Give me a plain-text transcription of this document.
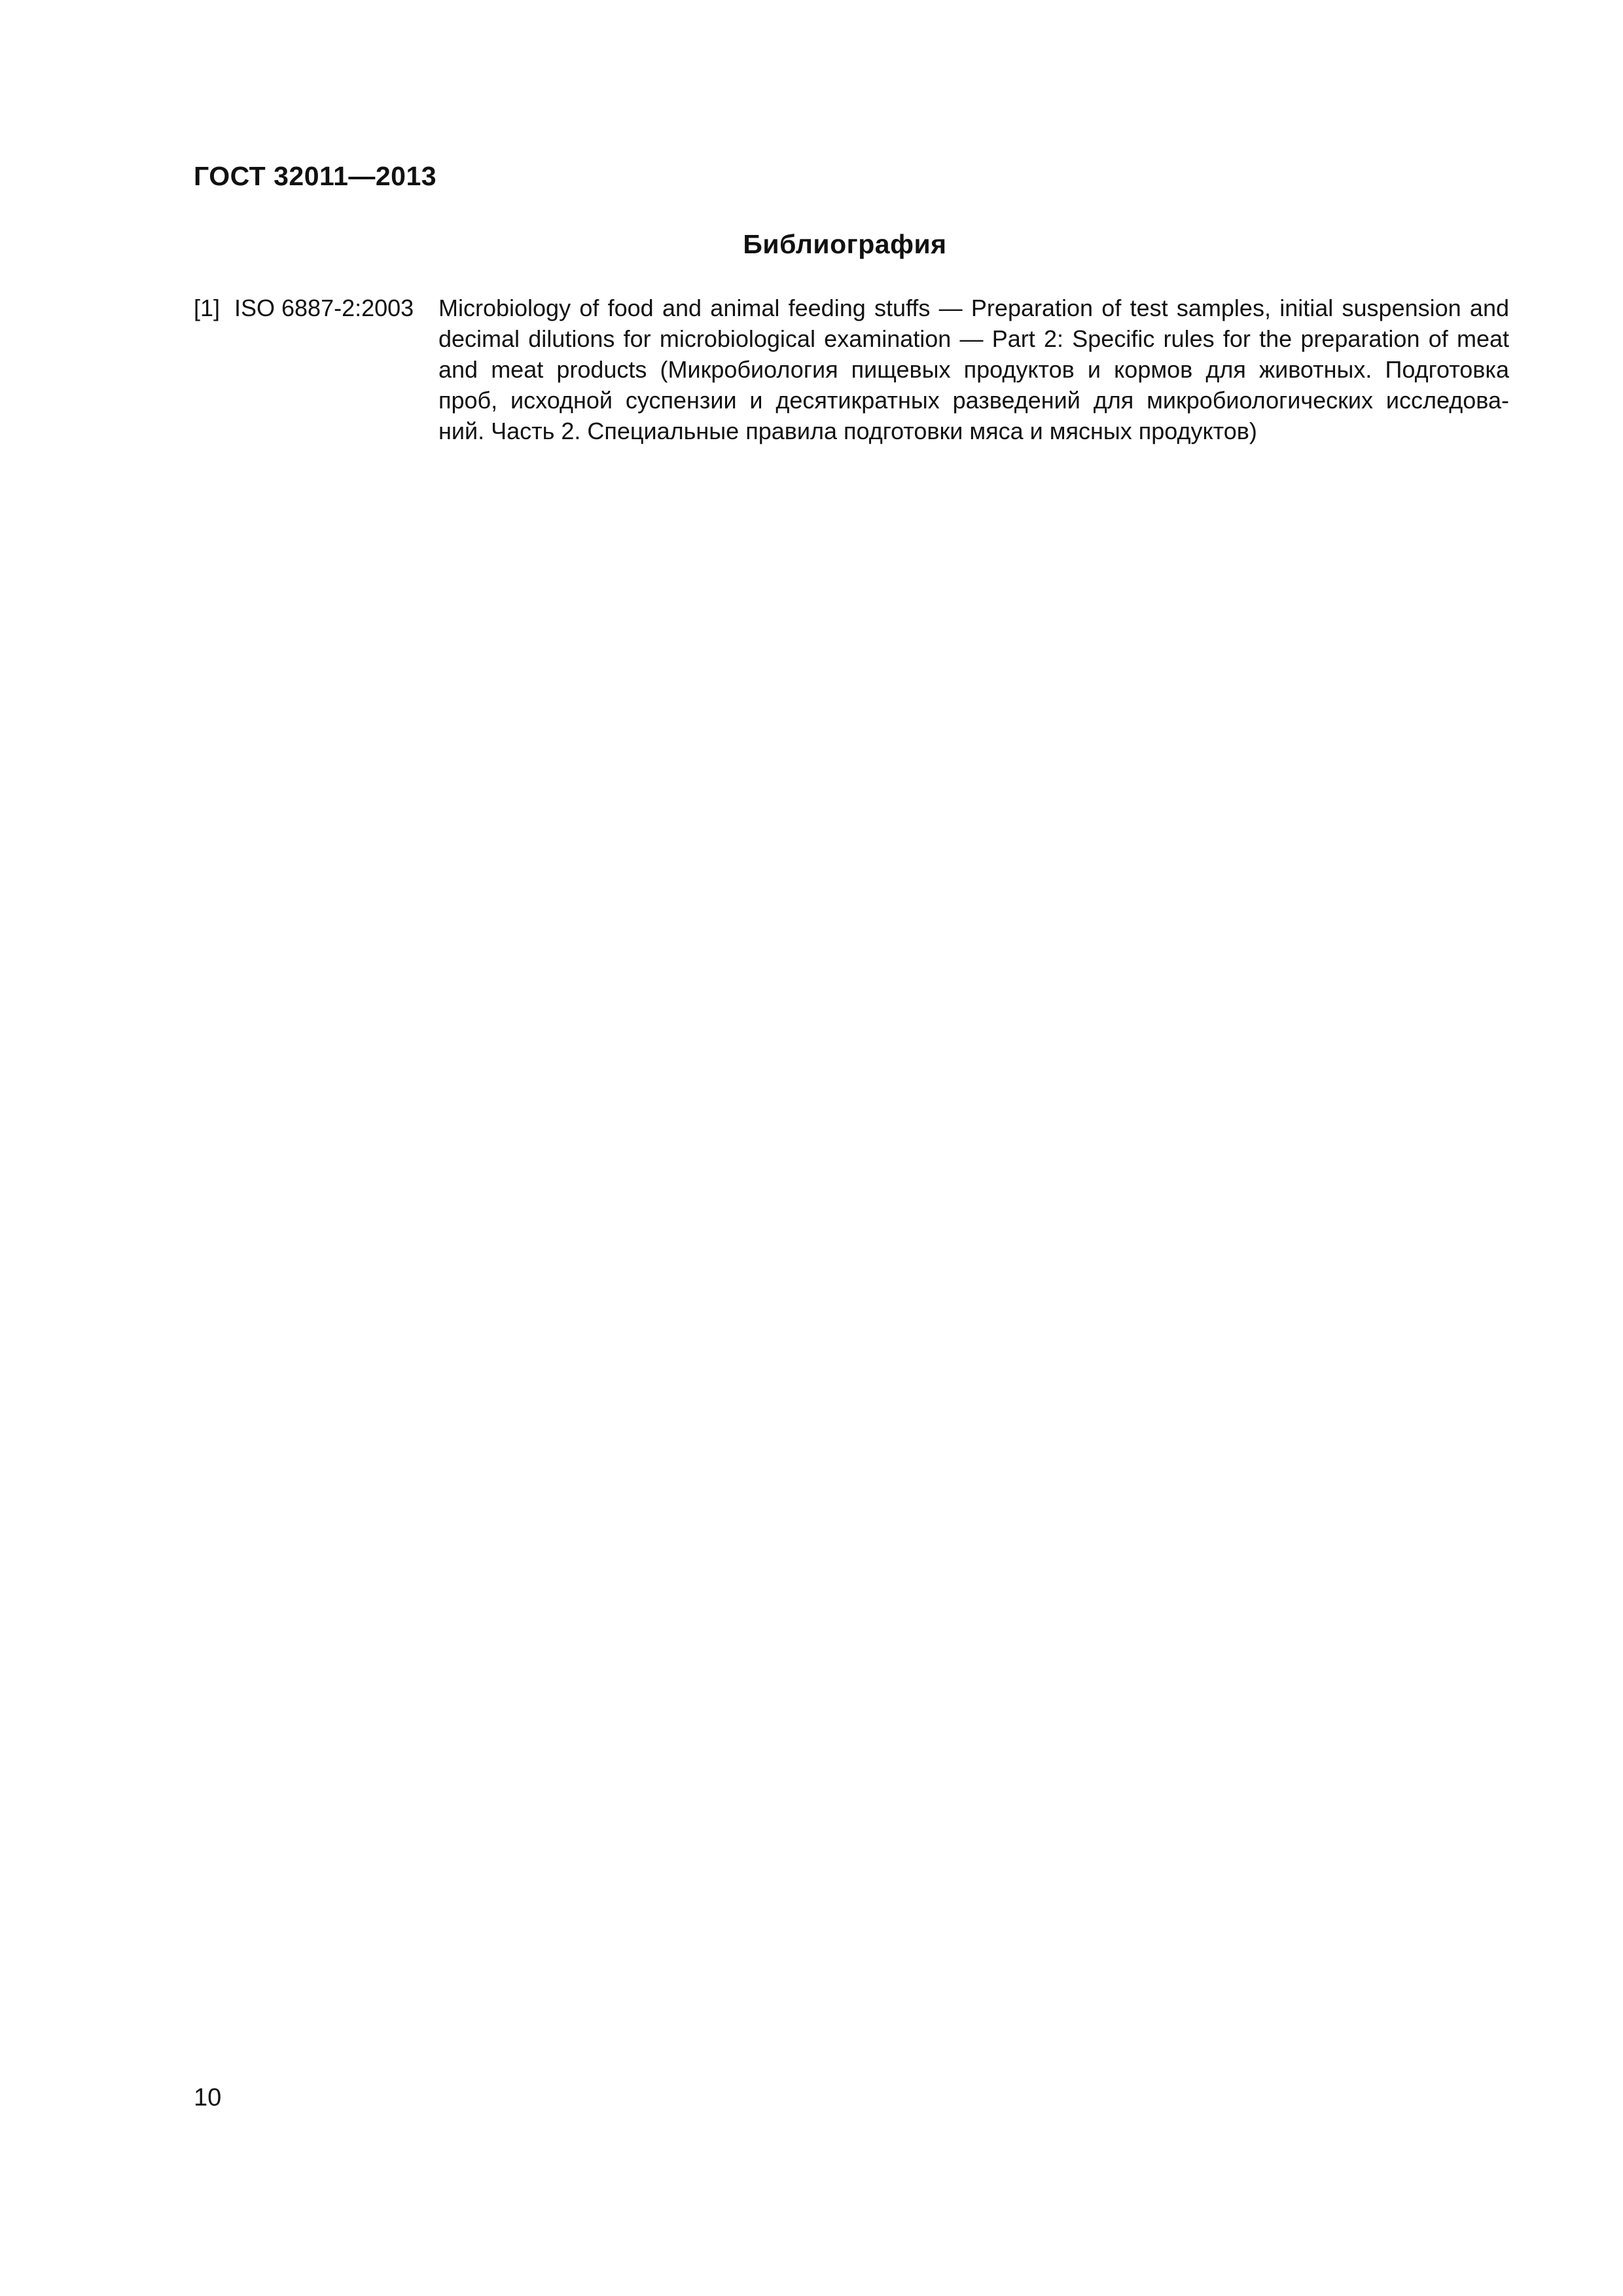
ГОСТ 32011—2013
Библиография
[1] ISO 6887-2:2003 Microbiology of food and animal feeding stuffs — Preparation of test samples, initial suspension and
decimal dilutions for microbiological examination — Part 2: Specific rules for the preparation of meat
and meat products (Микробиология пищевых продуктов и кормов для животных. Подготовка
проб, исходной суспензии и десятикратных разведений для микробиологических исследова-
ний. Часть 2. Специальные правила подготовки мяса и мясных продуктов)
10
